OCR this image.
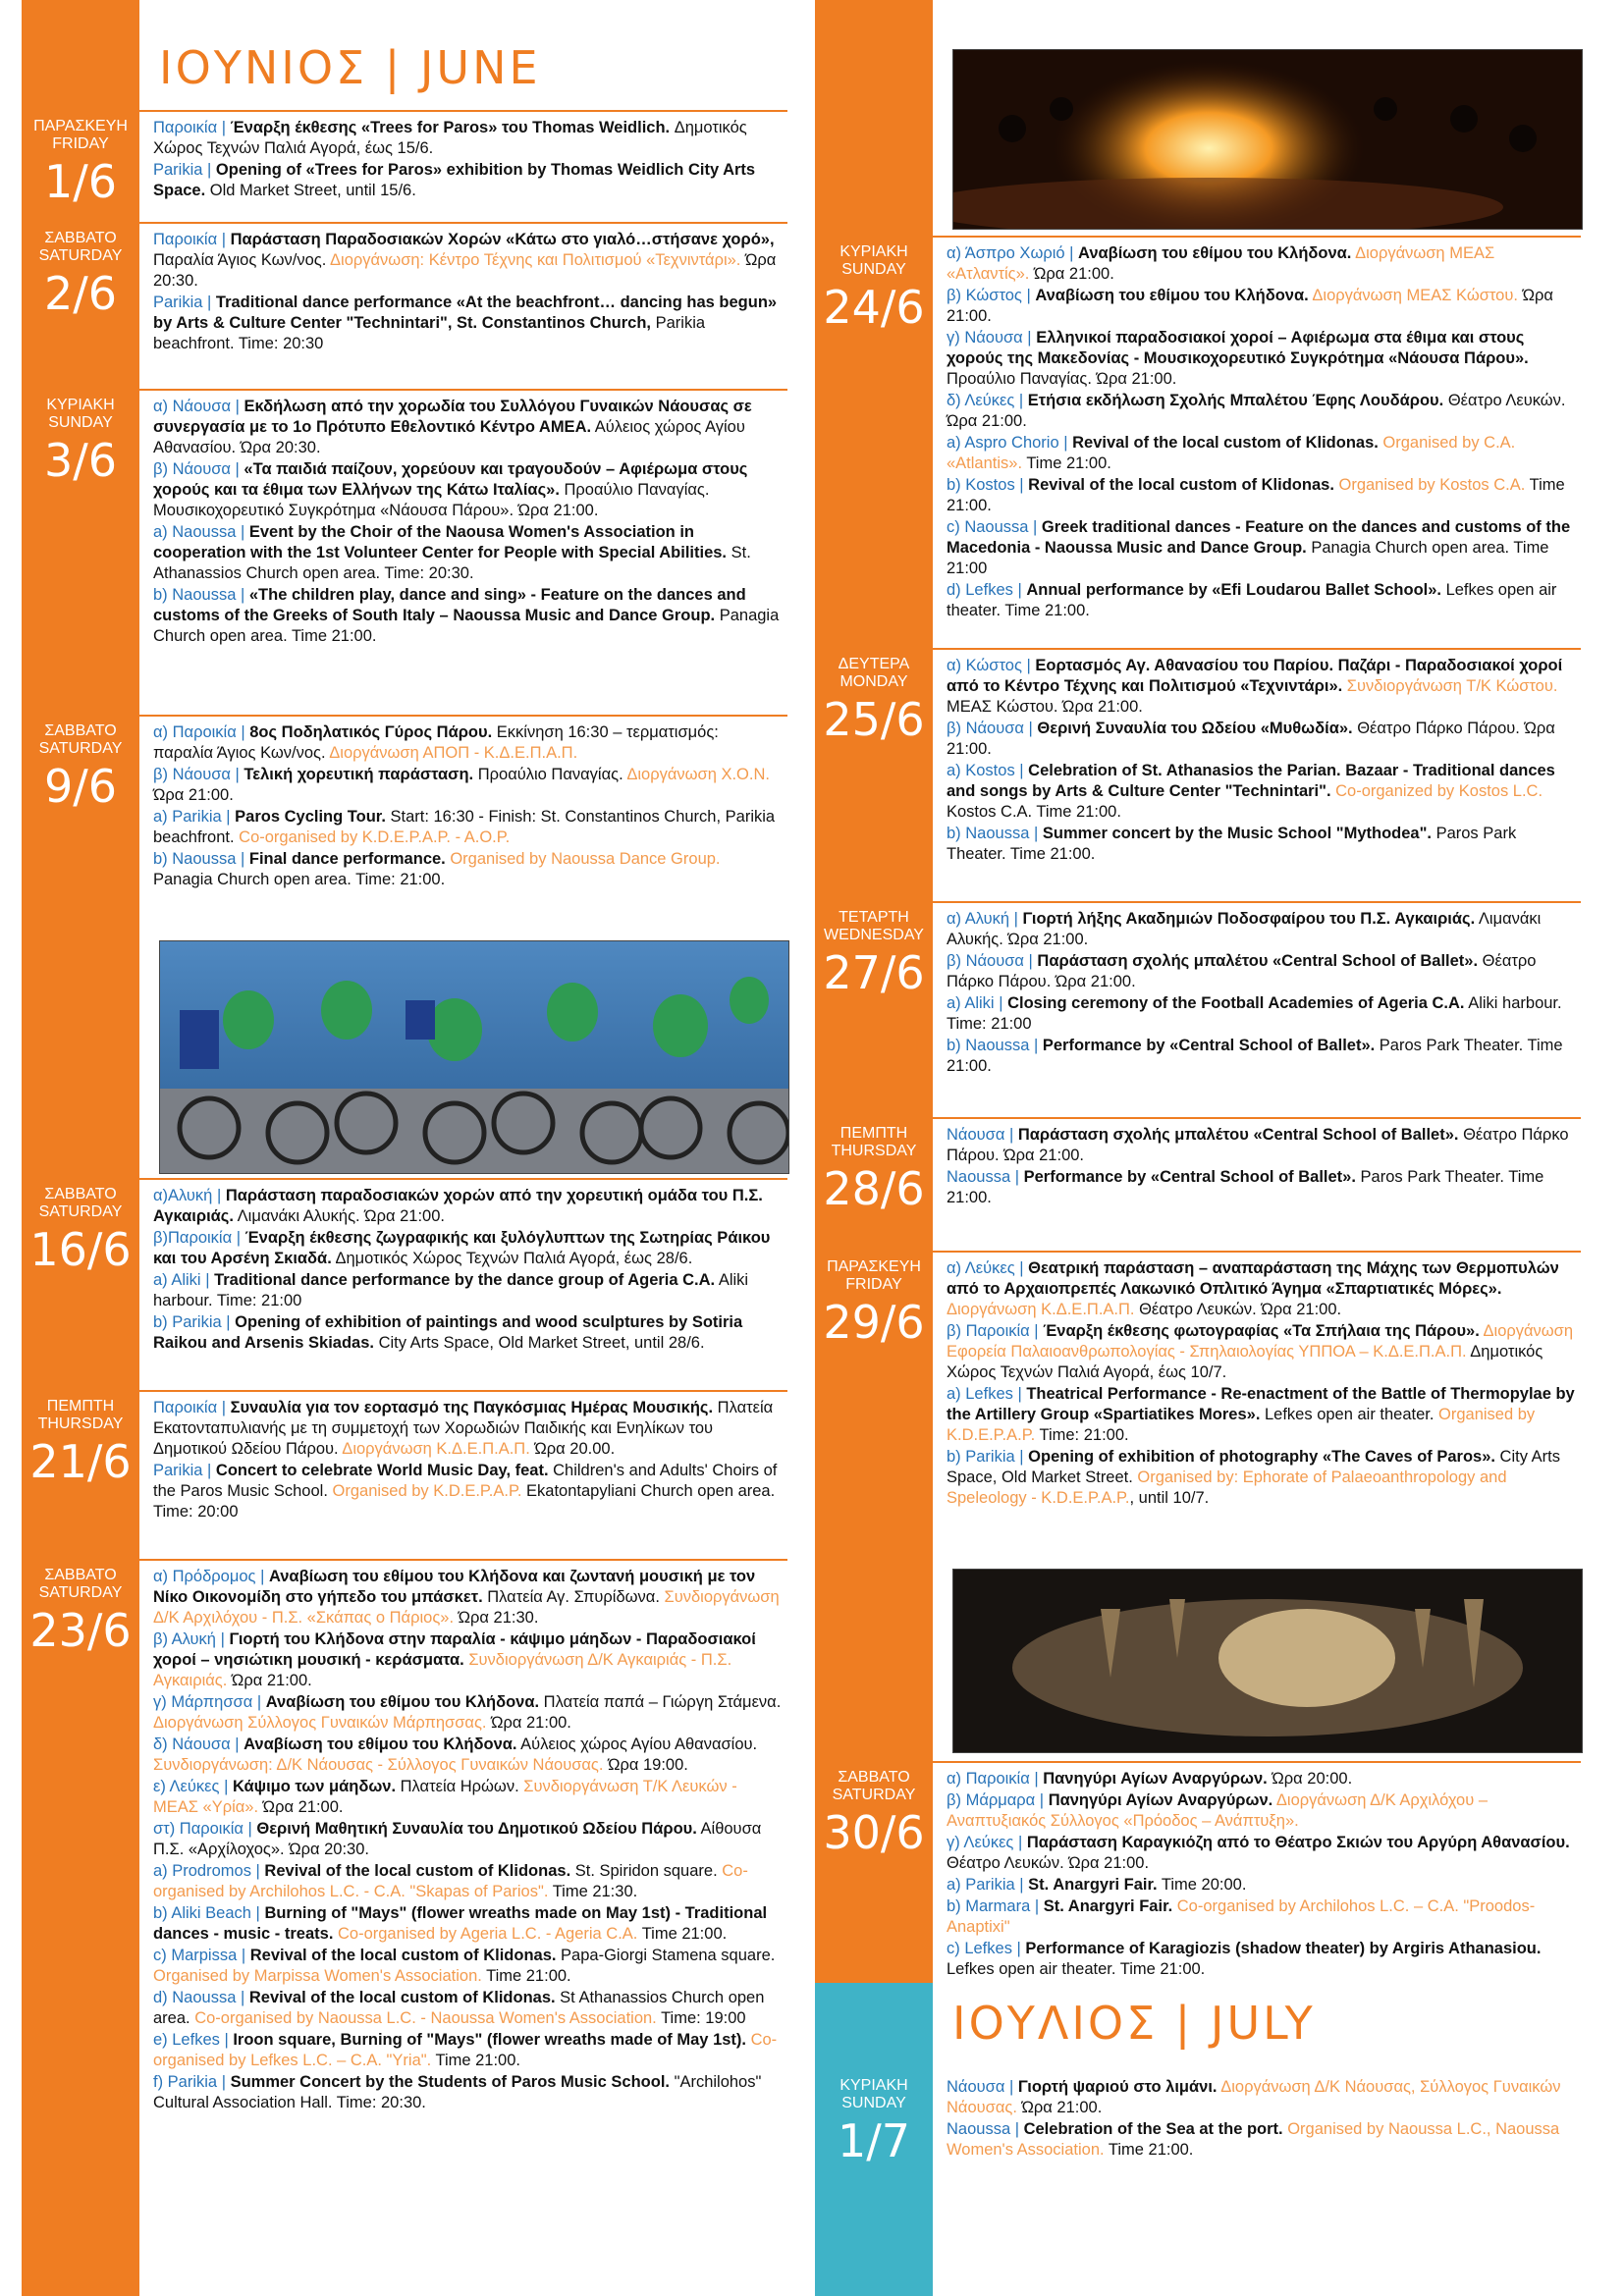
ΙΟΥΝΙΟΣ | JUNE
ΠΑΡΑΣΚΕΥΗ
FRIDAY
1/6

Παροικία | Έναρξη έκθεσης «Trees for Paros» του Thomas Weidlich. Δημοτικός Χώρος Τεχνών Παλιά Αγορά, έως 15/6.

Parikia | Opening of «Trees for Paros» exhibition by Thomas Weidlich City Arts Space. Old Market Street, until 15/6.

ΣΑΒΒΑΤΟ
SATURDAY
2/6

Παροικία | Παράσταση Παραδοσιακών Χορών «Κάτω στο γιαλό…στήσανε χορό», Παραλία Άγιος Κων/νος. Διοργάνωση: Κέντρο Τέχνης και Πολιτισμού «Τεχνιντάρι». Ώρα 20:30.

Parikia | Traditional dance performance «At the beachfront… dancing has begun» by Arts & Culture Center "Technintari", St. Constantinos Church, Parikia beachfront. Time: 20:30

ΚΥΡΙΑΚΗ
SUNDAY
3/6

α) Νάουσα | Εκδήλωση από την χορωδία του Συλλόγου Γυναικών Νάουσας σε συνεργασία με το 1ο Πρότυπο Εθελοντικό Κέντρο ΑΜΕΑ. Αύλειος χώρος Αγίου Αθανασίου. Ώρα 20:30.

β) Νάουσα | «Τα παιδιά παίζουν, χορεύουν και τραγουδούν – Αφιέρωμα στους χορούς και τα έθιμα των Ελλήνων της Κάτω Ιταλίας». Προαύλιο Παναγίας. Μουσικοχορευτικό Συγκρότημα «Νάουσα Πάρου». Ώρα 21:00.

a) Naoussa | Event by the Choir of the Naousa Women's Association in cooperation with the 1st Volunteer Center for People with Special Abilities. St. Athanassios Church open area. Time: 20:30.

b) Naoussa | «The children play, dance and sing» - Feature on the dances and customs of the Greeks of South Italy – Naoussa Music and Dance Group. Panagia Church open area. Time 21:00.

ΣΑΒΒΑΤΟ
SATURDAY
9/6

α) Παροικία | 8ος Ποδηλατικός Γύρος Πάρου. Εκκίνηση 16:30 – τερματισμός: παραλία Άγιος Κων/νος. Διοργάνωση ΑΠΟΠ - Κ.Δ.Ε.Π.Α.Π.

β) Νάουσα | Τελική χορευτική παράσταση. Προαύλιο Παναγίας. Διοργάνωση Χ.Ο.Ν. Ώρα 21:00.

a) Parikia | Paros Cycling Tour. Start: 16:30 - Finish: St. Constantinos Church, Parikia beachfront. Co-organised by K.D.E.P.A.P. - A.O.P.

b) Naoussa | Final dance performance. Organised by Naoussa Dance Group. Panagia Church open area. Time: 21:00.

ΣΑΒΒΑΤΟ
SATURDAY
16/6

α)Αλυκή | Παράσταση παραδοσιακών χορών από την χορευτική ομάδα του Π.Σ. Αγκαιριάς. Λιμανάκι Αλυκής. Ώρα 21:00.

β)Παροικία | Έναρξη έκθεσης ζωγραφικής και ξυλόγλυπτων της Σωτηρίας Ράικου και του Αρσένη Σκιαδά. Δημοτικός Χώρος Τεχνών Παλιά Αγορά, έως 28/6.

a) Aliki | Traditional dance performance by the dance group of Ageria C.A. Aliki harbour. Time: 21:00

b) Parikia | Opening of exhibition of paintings and wood sculptures by Sotiria Raikou and Arsenis Skiadas. City Arts Space, Old Market Street, until 28/6.

ΠΕΜΠΤΗ
THURSDAY
21/6

Παροικία | Συναυλία για τον εορτασμό της Παγκόσμιας Ημέρας Μουσικής. Πλατεία Εκατονταπυλιανής με τη συμμετοχή των Χορωδιών Παιδικής και Ενηλίκων του Δημοτικού Ωδείου Πάρου. Διοργάνωση Κ.Δ.Ε.Π.Α.Π. Ώρα 20.00.

Parikia | Concert to celebrate World Music Day, feat. Children's and Adults' Choirs of the Paros Music School. Organised by K.D.E.P.A.P. Ekatontapyliani Church open area. Time: 20:00

ΣΑΒΒΑΤΟ
SATURDAY
23/6

α) Πρόδρομος | Αναβίωση του εθίμου του Κλήδονα και ζωντανή μουσική με τον Νίκο Οικονομίδη στο γήπεδο του μπάσκετ. Πλατεία Αγ. Σπυρίδωνα. Συνδιοργάνωση Δ/Κ Αρχιλόχου - Π.Σ. «Σκάπας ο Πάριος». Ώρα 21:30.

β) Αλυκή | Γιορτή του Κλήδονα στην παραλία - κάψιμο μάηδων - Παραδοσιακοί χοροί – νησιώτικη μουσική - κεράσματα. Συνδιοργάνωση Δ/Κ Αγκαιριάς - Π.Σ. Αγκαιριάς. Ώρα 21:00.

γ) Μάρπησσα | Αναβίωση του εθίμου του Κλήδονα. Πλατεία παπά – Γιώργη Στάμενα. Διοργάνωση Σύλλογος Γυναικών Μάρπησσας. Ώρα 21:00.

δ) Νάουσα | Αναβίωση του εθίμου του Κλήδονα. Αύλειος χώρος Αγίου Αθανασίου. Συνδιοργάνωση: Δ/Κ Νάουσας - Σύλλογος Γυναικών Νάουσας. Ώρα 19:00.

ε) Λεύκες | Κάψιμο των μάηδων. Πλατεία Ηρώων. Συνδιοργάνωση Τ/Κ Λευκών - ΜΕΑΣ «Υρία». Ώρα 21:00.

στ) Παροικία | Θερινή Μαθητική Συναυλία του Δημοτικού Ωδείου Πάρου. Αίθουσα Π.Σ. «Αρχίλοχος». Ώρα 20:30.

a) Prodromos | Revival of the local custom of Klidonas. St. Spiridon square. Co-organised by Archilohos L.C. - C.A. "Skapas of Parios". Time 21:30.

b) Aliki Beach | Burning of "Mays" (flower wreaths made on May 1st) - Traditional dances - music - treats. Co-organised by Ageria L.C. - Ageria C.A. Time 21:00.

c) Marpissa | Revival of the local custom of Klidonas. Papa-Giorgi Stamena square. Organised by Marpissa Women's Association. Time 21:00.

d) Naoussa | Revival of the local custom of Klidonas. St Athanassios Church open area. Co-organised by Naoussa L.C. - Naoussa Women's Association. Time: 19:00

e) Lefkes | Iroon square, Burning of "Mays" (flower wreaths made of May 1st). Co-organised by Lefkes L.C. – C.A. "Yria". Time 21:00.

f) Parikia | Summer Concert by the Students of Paros Music School. "Archilohos" Cultural Association Hall. Time: 20:30.

ΚΥΡΙΑΚΗ
SUNDAY
24/6

α) Άσπρο Χωριό | Αναβίωση του εθίμου του Κλήδονα. Διοργάνωση ΜΕΑΣ «Ατλαντίς». Ώρα 21:00.

β) Κώστος | Αναβίωση του εθίμου του Κλήδονα. Διοργάνωση ΜΕΑΣ Κώστου. Ώρα 21:00.

γ) Νάουσα | Ελληνικοί παραδοσιακοί χοροί – Αφιέρωμα στα έθιμα και στους χορούς της Μακεδονίας - Μουσικοχορευτικό Συγκρότημα «Νάουσα Πάρου». Προαύλιο Παναγίας. Ώρα 21:00.

δ) Λεύκες | Ετήσια εκδήλωση Σχολής Μπαλέτου Έφης Λουδάρου. Θέατρο Λευκών. Ώρα 21:00.

a) Aspro Chorio | Revival of the local custom of Klidonas. Organised by C.A. «Atlantis». Time 21:00.

b) Kostos | Revival of the local custom of Klidonas. Organised by Kostos C.A. Time 21:00.

c) Naoussa | Greek traditional dances - Feature on the dances and customs of the Macedonia - Naoussa Music and Dance Group. Panagia Church open area. Time 21:00

d) Lefkes | Annual performance by «Efi Loudarou Ballet School». Lefkes open air theater. Time 21:00.

ΔΕΥΤΕΡΑ
MONDAY
25/6

α) Κώστος | Εορτασμός Αγ. Αθανασίου του Παρίου. Παζάρι - Παραδοσιακοί χοροί από το Κέντρο Τέχνης και Πολιτισμού «Τεχνιντάρι». Συνδιοργάνωση Τ/Κ Κώστου. ΜΕΑΣ Κώστου. Ώρα 21:00.

β) Νάουσα | Θερινή Συναυλία του Ωδείου «Μυθωδία». Θέατρο Πάρκο Πάρου. Ώρα 21:00.

a) Kostos | Celebration of St. Athanasios the Parian. Bazaar - Traditional dances and songs by Arts & Culture Center "Technintari". Co-organized by Kostos L.C. Kostos C.A. Time 21:00.

b) Naoussa | Summer concert by the Music School "Mythodea". Paros Park Theater. Time 21:00.

ΤΕΤΑΡΤΗ
WEDNESDAY
27/6

α) Αλυκή | Γιορτή λήξης Ακαδημιών Ποδοσφαίρου του Π.Σ. Αγκαιριάς. Λιμανάκι Αλυκής. Ώρα 21:00.

β) Νάουσα | Παράσταση σχολής μπαλέτου «Central School of Ballet». Θέατρο Πάρκο Πάρου. Ώρα 21:00.

a) Aliki | Closing ceremony of the Football Academies of Ageria C.A. Aliki harbour. Time: 21:00

b) Naoussa | Performance by «Central School of Ballet». Paros Park Theater. Time 21:00.

ΠΕΜΠΤΗ
THURSDAY
28/6

Νάουσα | Παράσταση σχολής μπαλέτου «Central School of Ballet». Θέατρο Πάρκο Πάρου. Ώρα 21:00.

Naoussa | Performance by «Central School of Ballet». Paros Park Theater. Time 21:00.

ΠΑΡΑΣΚΕΥΗ
FRIDAY
29/6

α) Λεύκες | Θεατρική παράσταση – αναπαράσταση της Μάχης των Θερμοπυλών από το Αρχαιοπρεπές Λακωνικό Οπλιτικό Άγημα «Σπαρτιατικές Μόρες». Διοργάνωση Κ.Δ.Ε.Π.Α.Π. Θέατρο Λευκών. Ώρα 21:00.

β) Παροικία | Έναρξη έκθεσης φωτογραφίας «Τα Σπήλαια της Πάρου». Διοργάνωση Εφορεία Παλαιοανθρωπολογίας - Σπηλαιολογίας ΥΠΠΟΑ – Κ.Δ.Ε.Π.Α.Π. Δημοτικός Χώρος Τεχνών Παλιά Αγορά, έως 10/7.

a) Lefkes | Theatrical Performance - Re-enactment of the Battle of Thermopylae by the Artillery Group «Spartiatikes Mores». Lefkes open air theater. Organised by K.D.E.P.A.P. Time: 21:00.

b) Parikia | Opening of exhibition of photography «The Caves of Paros». City Arts Space, Old Market Street. Organised by: Ephorate of Palaeoanthropology and Speleology - K.D.E.P.A.P., until 10/7.

ΣΑΒΒΑΤΟ
SATURDAY
30/6

α) Παροικία | Πανηγύρι Αγίων Αναργύρων. Ώρα 20:00.

β) Μάρμαρα | Πανηγύρι Αγίων Αναργύρων. Διοργάνωση Δ/Κ Αρχιλόχου – Αναπτυξιακός Σύλλογος «Πρόοδος – Ανάπτυξη».

γ) Λεύκες | Παράσταση Καραγκιόζη από το Θέατρο Σκιών του Αργύρη Αθανασίου. Θέατρο Λευκών. Ώρα 21:00.

a) Parikia | St. Anargyri Fair. Time 20:00.

b) Marmara | St. Anargyri Fair. Co-organised by Archilohos L.C. – C.A. "Proodos-Anaptixi"

c) Lefkes | Performance of Karagiozis (shadow theater) by Argiris Athanasiou. Lefkes open air theater. Time 21:00.

ΙΟΥΛΙΟΣ | JULY
ΚΥΡΙΑΚΗ
SUNDAY
1/7

Νάουσα | Γιορτή ψαριού στο λιμάνι. Διοργάνωση Δ/Κ Νάουσας, Σύλλογος Γυναικών Νάουσας. Ώρα 21:00.

Naoussa | Celebration of the Sea at the port. Organised by Naoussa L.C., Naoussa Women's Association. Time 21:00.
